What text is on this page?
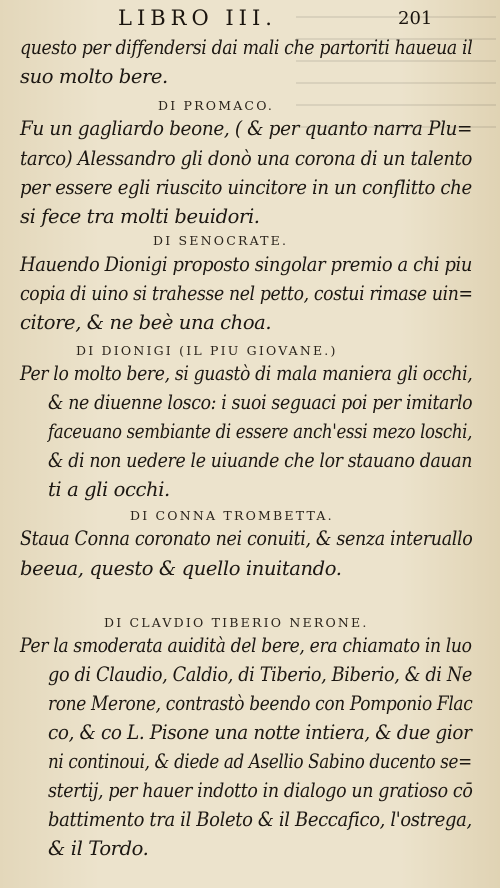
LIBRO III.	201
questo per diffendersi dai mali che partoriti haueua il
suo molto bere.
DI PROMACO.
Fu un gagliardo beone, ( & per quanto narra Plu=
tarco) Alessandro gli donò una corona di un talento
per essere egli riuscito uincitore in un conflitto che
si fece tra molti beuidori.
DI SENOCRATE.
Hauendo Dionigi proposto singolar premio a chi piu
copia di uino si trahesse nel petto, costui rimase uin=
citore, & ne beè una choa.
DI DIONIGI (IL PIU GIOVANE.)
Per lo molto bere, si guastò di mala maniera gli occhi,
& ne diuenne losco: i suoi seguaci poi per imitarlo
faceuano sembiante di essere anch'essi mezo loschi,
& di non uedere le uiuande che lor stauano dauan
ti a gli occhi.
DI CONNA TROMBETTA.
Staua Conna coronato nei conuiti, & senza interuallo
beeua, questo & quello inuitando.
DI CLAVDIO TIBERIO NERONE.
Per la smoderata auidità del bere, era chiamato in luo
go di Claudio, Caldio, di Tiberio, Biberio, & di Ne
rone Merone, contrastò beendo con Pomponio Flac
co, & co L. Pisone una notte intiera, & due gior
ni continoui, & diede ad Asellio Sabino ducento se=
stertij, per hauer indotto in dialogo un gratioso cō
battimento tra il Boleto & il Beccafico, l'ostrega,
& il Tordo.
